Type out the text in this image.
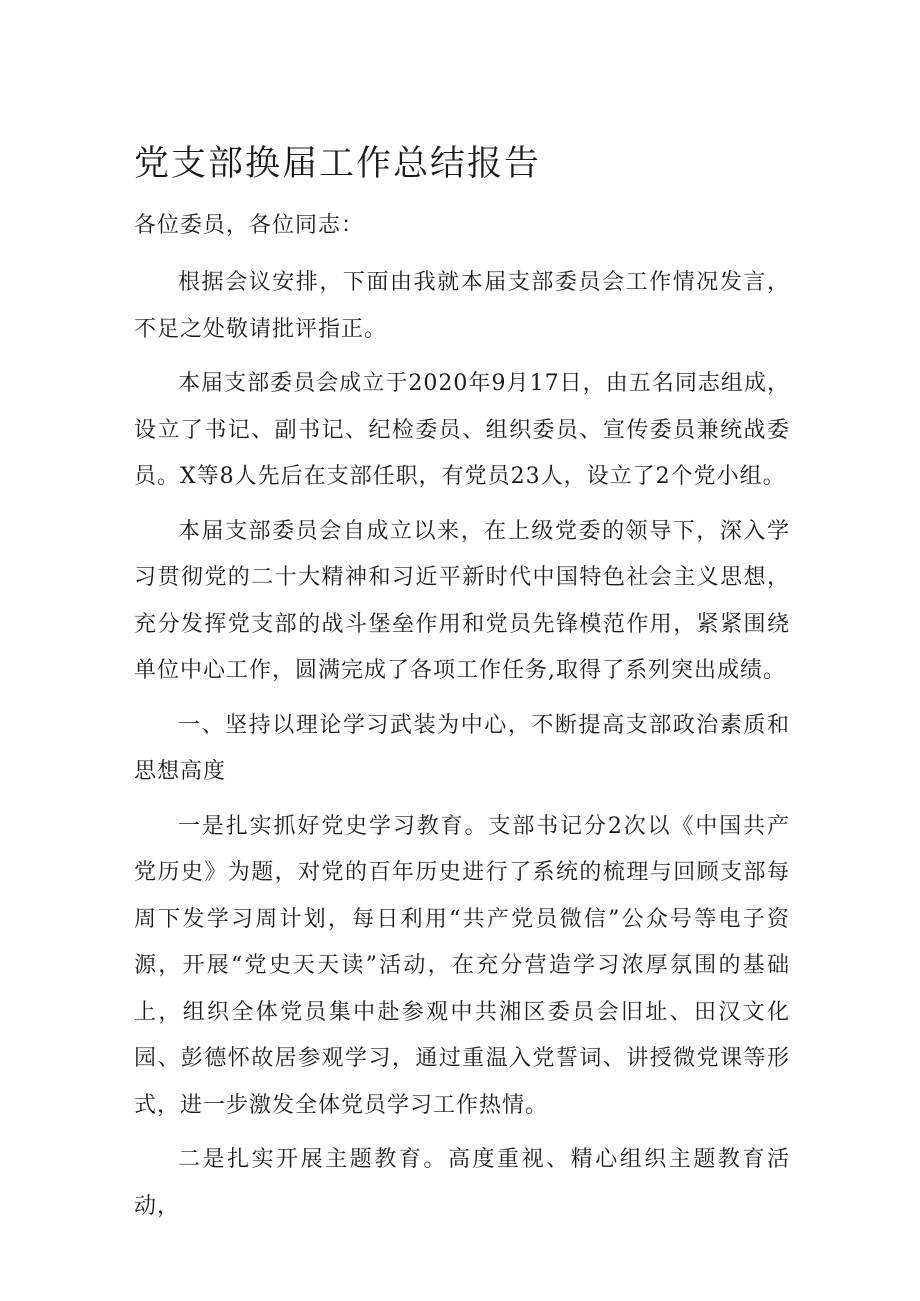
党支部换届工作总结报告

各位委员，各位同志：

根据会议安排，下面由我就本届支部委员会工作情况发言，不足之处敬请批评指正。

本届支部委员会成立于2020年9月17日，由五名同志组成，设立了书记、副书记、纪检委员、组织委员、宣传委员兼统战委员。X等8人先后在支部任职，有党员23人，设立了2个党小组。

本届支部委员会自成立以来，在上级党委的领导下，深入学习贯彻党的二十大精神和习近平新时代中国特色社会主义思想，充分发挥党支部的战斗堡垒作用和党员先锋模范作用，紧紧围绕单位中心工作，圆满完成了各项工作任务,取得了系列突出成绩。

一、坚持以理论学习武装为中心，不断提高支部政治素质和思想高度

一是扎实抓好党史学习教育。支部书记分2次以《中国共产党历史》为题，对党的百年历史进行了系统的梳理与回顾支部每周下发学习周计划，每日利用“共产党员微信”公众号等电子资源，开展“党史天天读”活动，在充分营造学习浓厚氛围的基础上，组织全体党员集中赴参观中共湘区委员会旧址、田汉文化园、彭德怀故居参观学习，通过重温入党誓词、讲授微党课等形式，进一步激发全体党员学习工作热情。

二是扎实开展主题教育。高度重视、精心组织主题教育活动，
